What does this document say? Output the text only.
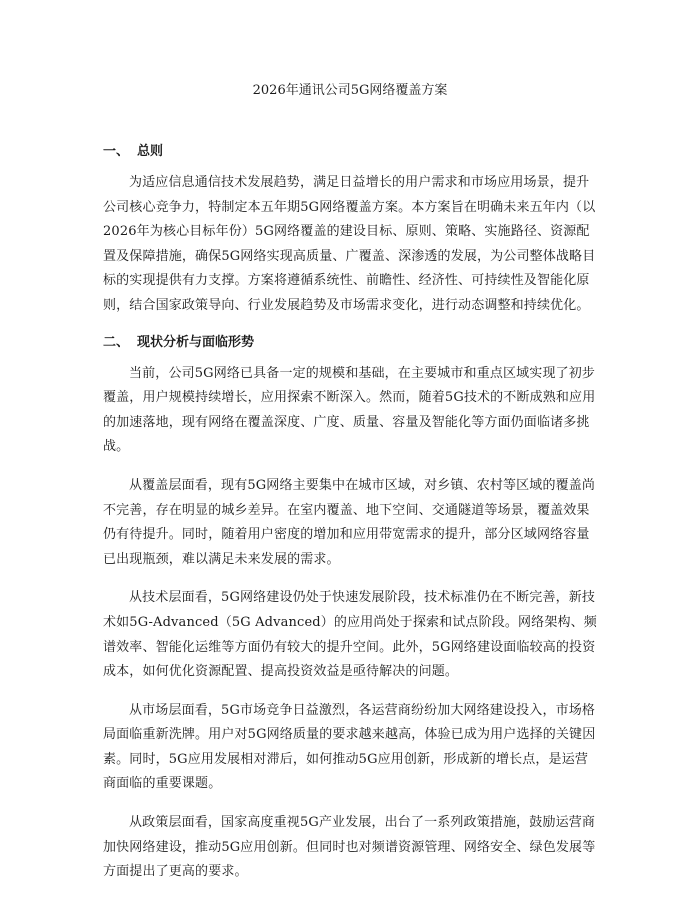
2026年通讯公司5G网络覆盖方案
一、 总则

为适应信息通信技术发展趋势，满足日益增长的用户需求和市场应用场景，提升公司核心竞争力，特制定本五年期5G网络覆盖方案。本方案旨在明确未来五年内（以2026年为核心目标年份）5G网络覆盖的建设目标、原则、策略、实施路径、资源配置及保障措施，确保5G网络实现高质量、广覆盖、深渗透的发展，为公司整体战略目标的实现提供有力支撑。方案将遵循系统性、前瞻性、经济性、可持续性及智能化原则，结合国家政策导向、行业发展趋势及市场需求变化，进行动态调整和持续优化。

二、 现状分析与面临形势

当前，公司5G网络已具备一定的规模和基础，在主要城市和重点区域实现了初步覆盖，用户规模持续增长，应用探索不断深入。然而，随着5G技术的不断成熟和应用的加速落地，现有网络在覆盖深度、广度、质量、容量及智能化等方面仍面临诸多挑战。

从覆盖层面看，现有5G网络主要集中在城市区域，对乡镇、农村等区域的覆盖尚不完善，存在明显的城乡差异。在室内覆盖、地下空间、交通隧道等场景，覆盖效果仍有待提升。同时，随着用户密度的增加和应用带宽需求的提升，部分区域网络容量已出现瓶颈，难以满足未来发展的需求。

从技术层面看，5G网络建设仍处于快速发展阶段，技术标准仍在不断完善，新技术如5G-Advanced（5G Advanced）的应用尚处于探索和试点阶段。网络架构、频谱效率、智能化运维等方面仍有较大的提升空间。此外，5G网络建设面临较高的投资成本，如何优化资源配置、提高投资效益是亟待解决的问题。

从市场层面看，5G市场竞争日益激烈，各运营商纷纷加大网络建设投入，市场格局面临重新洗牌。用户对5G网络质量的要求越来越高，体验已成为用户选择的关键因素。同时，5G应用发展相对滞后，如何推动5G应用创新，形成新的增长点，是运营商面临的重要课题。

从政策层面看，国家高度重视5G产业发展，出台了一系列政策措施，鼓励运营商加快网络建设，推动5G应用创新。但同时也对频谱资源管理、网络安全、绿色发展等方面提出了更高的要求。
